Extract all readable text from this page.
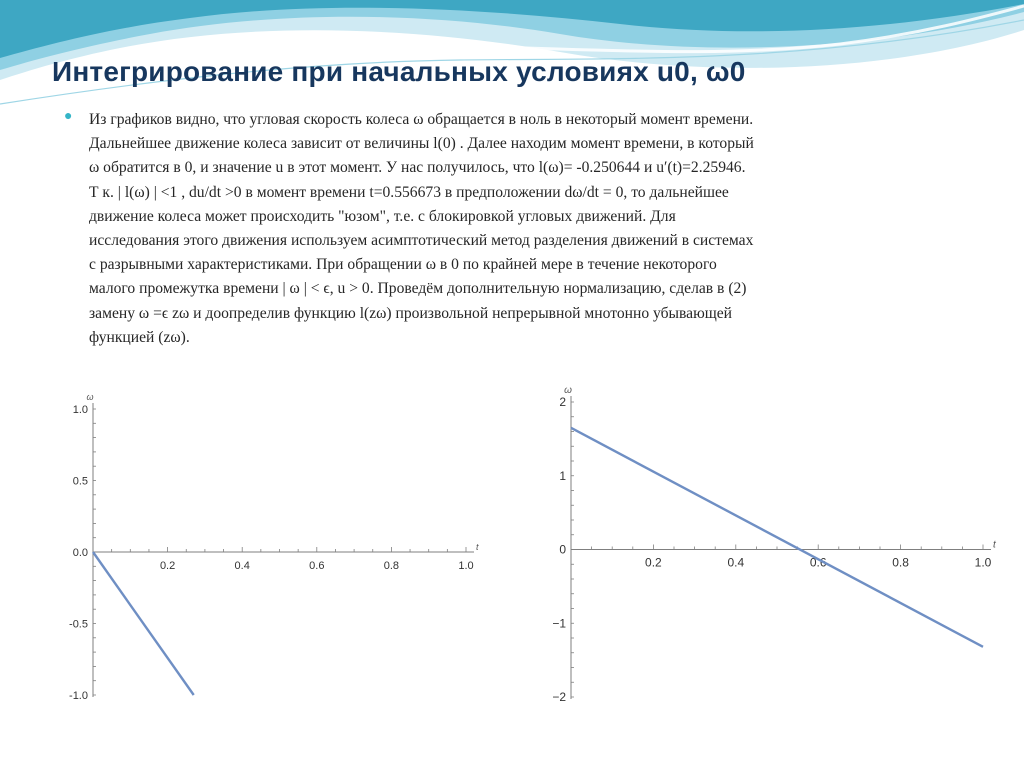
Интегрирование при начальных условиях u0, ω0
● Из графиков видно, что угловая скорость колеса ω обращается в ноль в некоторый момент времени.
Дальнейшее движение колеса зависит от величины l(0) . Далее находим момент времени, в который
ω обратится в 0, и значение u в этот момент. У нас получилось, что l(ω)= -0.250644 и u′(t)=2.25946.
Т к. | l(ω) | <1 , du/dt >0 в момент времени t=0.556673 в предположении dω/dt = 0, то дальнейшее
движение колеса может происходить "юзом", т.е. с блокировкой угловых движений. Для
исследования этого движения используем асимптотический метод разделения движений в системах
с разрывными характеристиками. При обращении ω в 0 по крайней мере в течение некоторого
малого промежутка времени | ω | < ϵ, u > 0. Проведём дополнительную нормализацию, сделав в (2)
замену ω =ϵ zω и доопределив функцию l(zω) произвольной непрерывной мнотонно убывающей
функцией (zω).
0.2	0.4	0.6	0.8	1.0
1.0
0.5
0.0
-0.5
-1.0
t
ω
0.2	0.4	0.6	0.8	1.0
2
1
0
−1
−2
t
ω
